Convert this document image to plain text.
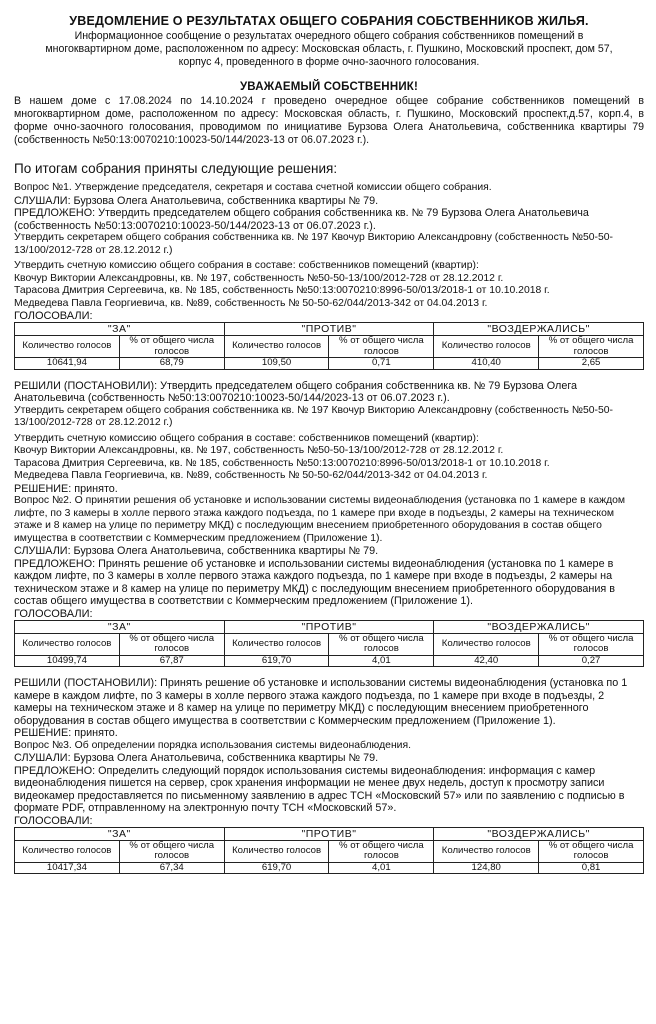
УВЕДОМЛЕНИЕ О РЕЗУЛЬТАТАХ ОБЩЕГО СОБРАНИЯ СОБСТВЕННИКОВ ЖИЛЬЯ.
Информационное сообщение о результатах очередного общего собрания собственников помещений в многоквартирном доме, расположенном по адресу: Московская область, г. Пушкино, Московский проспект, дом 57, корпус 4, проведенного в форме очно-заочного голосования.
УВАЖАЕМЫЙ СОБСТВЕННИК!
В нашем доме с 17.08.2024 по 14.10.2024 г проведено очередное общее собрание собственников помещений в многоквартирном доме, расположенном по адресу: Московская область, г. Пушкино, Московский проспект,д.57, корп.4, в форме очно-заочного голосования, проводимом по инициативе Бурзова Олега Анатольевича, собственника квартиры 79 (собственность №50:13:0070210:10023-50/144/2023-13 от 06.07.2023 г.).
По итогам собрания приняты следующие решения:

Вопрос №1. Утверждение председателя, секретаря и состава счетной комиссии общего собрания.

СЛУШАЛИ: Бурзова Олега Анатольевича, собственника квартиры № 79.

ПРЕДЛОЖЕНО: Утвердить председателем общего собрания собственника кв. № 79 Бурзова Олега Анатольевича (собственность №50:13:0070210:10023-50/144/2023-13 от 06.07.2023 г.).

Утвердить секретарем общего собрания собственника кв. № 197 Квочур Викторию Александровну (собственность №50-50-13/100/2012-728 от 28.12.2012 г.)

Утвердить счетную комиссию общего собрания в составе: собственников помещений (квартир):

Квочур Виктории Александровны, кв. № 197, собственность №50-50-13/100/2012-728 от 28.12.2012 г.

Тарасова Дмитрия Сергеевича, кв. № 185, собственность №50:13:0070210:8996-50/013/2018-1 от 10.10.2018 г.

Медведева Павла Георгиевича, кв. №89, собственность № 50-50-62/044/2013-342 от 04.04.2013 г.

ГОЛОСОВАЛИ:
"ЗА"		"ПРОТИВ"		"ВОЗДЕРЖАЛИСЬ"	
Количество голосов	% от общего числа голосов	Количество голосов	% от общего числа голосов	Количество голосов	% от общего числа голосов
10641,94	68,79	109,50	0,71	410,40	2,65

РЕШИЛИ (ПОСТАНОВИЛИ): Утвердить председателем общего собрания собственника кв. № 79 Бурзова Олега Анатольевича (собственность №50:13:0070210:10023-50/144/2023-13 от 06.07.2023 г.).

Утвердить секретарем общего собрания собственника кв. № 197 Квочур Викторию Александровну (собственность №50-50-13/100/2012-728 от 28.12.2012 г.)

Утвердить счетную комиссию общего собрания в составе: собственников помещений (квартир):

Квочур Виктории Александровны, кв. № 197, собственность №50-50-13/100/2012-728 от 28.12.2012 г.

Тарасова Дмитрия Сергеевича, кв. № 185, собственность №50:13:0070210:8996-50/013/2018-1 от 10.10.2018 г.

Медведева Павла Георгиевича, кв. №89, собственность № 50-50-62/044/2013-342 от 04.04.2013 г.

РЕШЕНИЕ: принято.

Вопрос №2. О принятии решения об установке и использовании системы видеонаблюдения (установка по 1 камере в каждом лифте, по 3 камеры в холле первого этажа каждого подъезда, по 1 камере при входе в подъезды, 2 камеры на техническом этаже и 8 камер на улице по периметру МКД) с последующим внесением приобретенного оборудования в состав общего имущества в соответствии с Коммерческим предложением (Приложение 1).

СЛУШАЛИ: Бурзова Олега Анатольевича, собственника квартиры № 79.

ПРЕДЛОЖЕНО: Принять решение об установке и использовании системы видеонаблюдения (установка по 1 камере в каждом лифте, по 3 камеры в холле первого этажа каждого подъезда, по 1 камере при входе в подъезды, 2 камеры на техническом этаже и 8 камер на улице по периметру МКД) с последующим внесением приобретенного оборудования в состав общего имущества в соответствии с Коммерческим предложением (Приложение 1).

ГОЛОСОВАЛИ:
"ЗА"		"ПРОТИВ"		"ВОЗДЕРЖАЛИСЬ"	
Количество голосов	% от общего числа голосов	Количество голосов	% от общего числа голосов	Количество голосов	% от общего числа голосов
10499,74	67,87	619,70	4,01	42,40	0,27

РЕШИЛИ (ПОСТАНОВИЛИ): Принять решение об установке и использовании системы видеонаблюдения (установка по 1 камере в каждом лифте, по 3 камеры в холле первого этажа каждого подъезда, по 1 камере при входе в подъезды, 2 камеры на техническом этаже и 8 камер на улице по периметру МКД) с последующим внесением приобретенного оборудования в состав общего имущества в соответствии с Коммерческим предложением (Приложение 1).

РЕШЕНИЕ: принято.

Вопрос №3. Об определении порядка использования системы видеонаблюдения.

СЛУШАЛИ: Бурзова Олега Анатольевича, собственника квартиры № 79.

ПРЕДЛОЖЕНО: Определить следующий порядок использования системы видеонаблюдения: информация с камер видеонаблюдения пишется на сервер, срок хранения информации не менее двух недель, доступ к просмотру записи видеокамер предоставляется по письменному заявлению в адрес ТСН «Московский 57» или по заявлению с подписью в формате PDF, отправленному на электронную почту ТСН «Московский 57».

ГОЛОСОВАЛИ:
"ЗА"		"ПРОТИВ"		"ВОЗДЕРЖАЛИСЬ"	
Количество голосов	% от общего числа голосов	Количество голосов	% от общего числа голосов	Количество голосов	% от общего числа голосов
10417,34	67,34	619,70	4,01	124,80	0,81
